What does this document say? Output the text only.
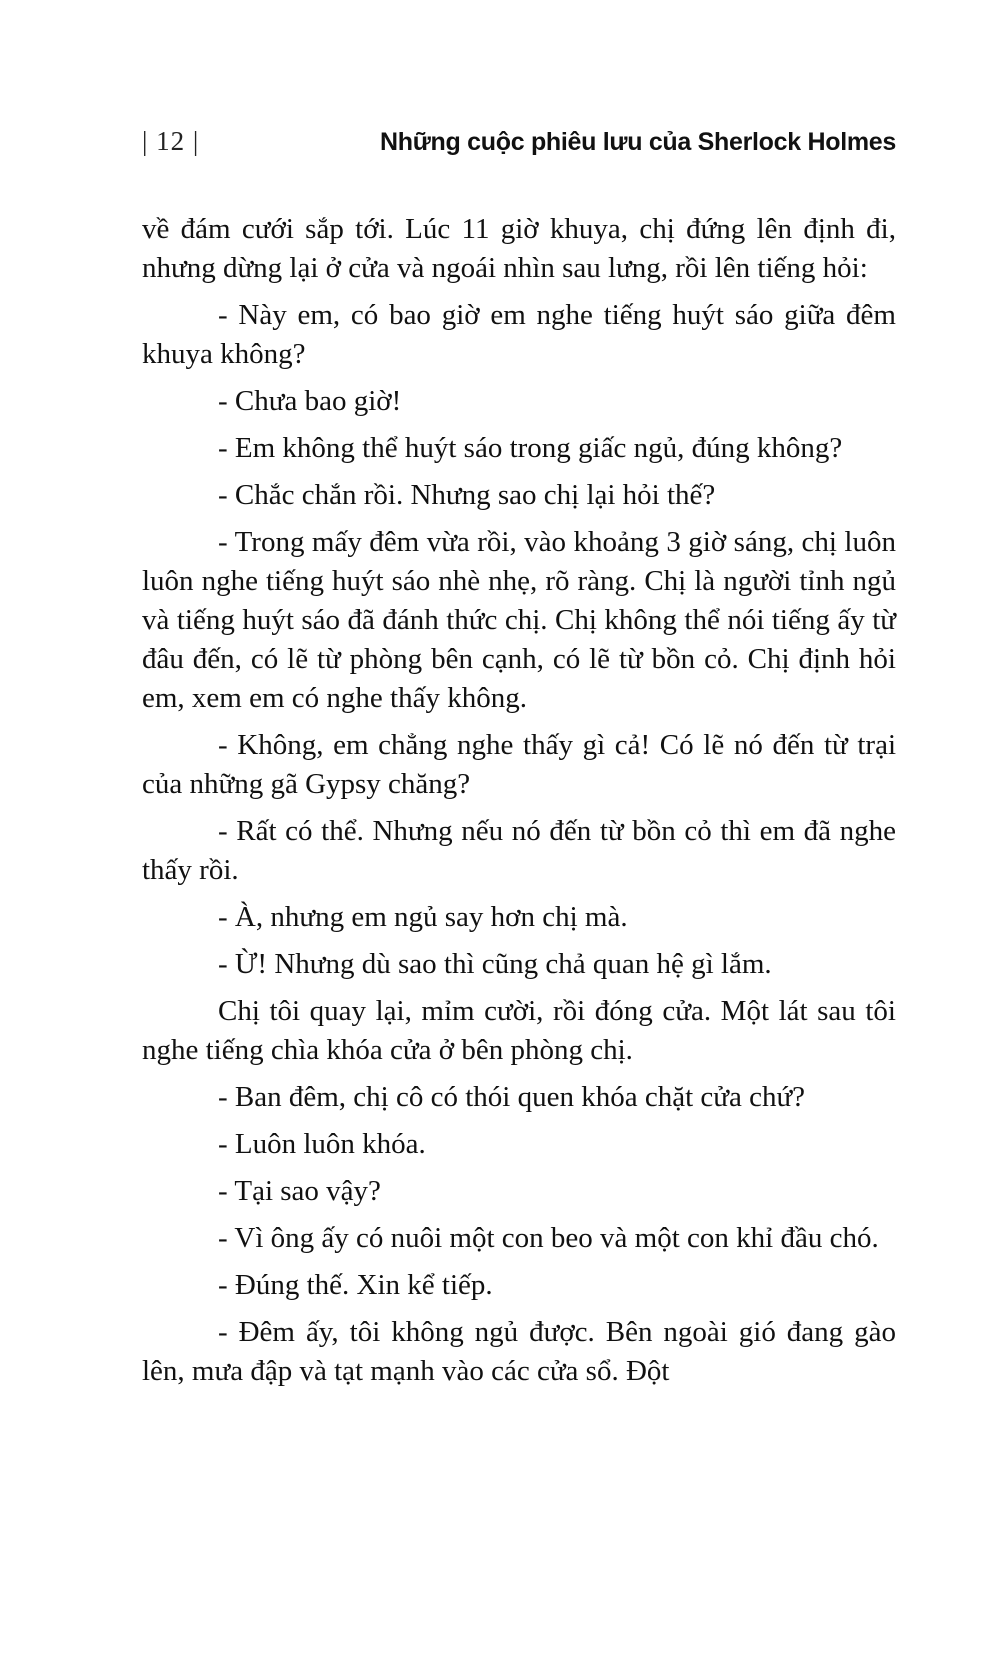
| 12 |	Những cuộc phiêu lưu của Sherlock Holmes

về đám cưới sắp tới. Lúc 11 giờ khuya, chị đứng lên định đi, nhưng dừng lại ở cửa và ngoái nhìn sau lưng, rồi lên tiếng hỏi:

- Này em, có bao giờ em nghe tiếng huýt sáo giữa đêm khuya không?

- Chưa bao giờ!

- Em không thể huýt sáo trong giấc ngủ, đúng không?

- Chắc chắn rồi. Nhưng sao chị lại hỏi thế?

- Trong mấy đêm vừa rồi, vào khoảng 3 giờ sáng, chị luôn luôn nghe tiếng huýt sáo nhè nhẹ, rõ ràng. Chị là người tỉnh ngủ và tiếng huýt sáo đã đánh thức chị. Chị không thể nói tiếng ấy từ đâu đến, có lẽ từ phòng bên cạnh, có lẽ từ bồn cỏ. Chị định hỏi em, xem em có nghe thấy không.

- Không, em chẳng nghe thấy gì cả! Có lẽ nó đến từ trại của những gã Gypsy chăng?

- Rất có thể. Nhưng nếu nó đến từ bồn cỏ thì em đã nghe thấy rồi.

- À, nhưng em ngủ say hơn chị mà.

- Ừ! Nhưng dù sao thì cũng chả quan hệ gì lắm.

Chị tôi quay lại, mỉm cười, rồi đóng cửa. Một lát sau tôi nghe tiếng chìa khóa cửa ở bên phòng chị.

- Ban đêm, chị cô có thói quen khóa chặt cửa chứ?

- Luôn luôn khóa.

- Tại sao vậy?

- Vì ông ấy có nuôi một con beo và một con khỉ đầu chó.

- Đúng thế. Xin kể tiếp.

- Đêm ấy, tôi không ngủ được. Bên ngoài gió đang gào lên, mưa đập và tạt mạnh vào các cửa sổ. Đột
